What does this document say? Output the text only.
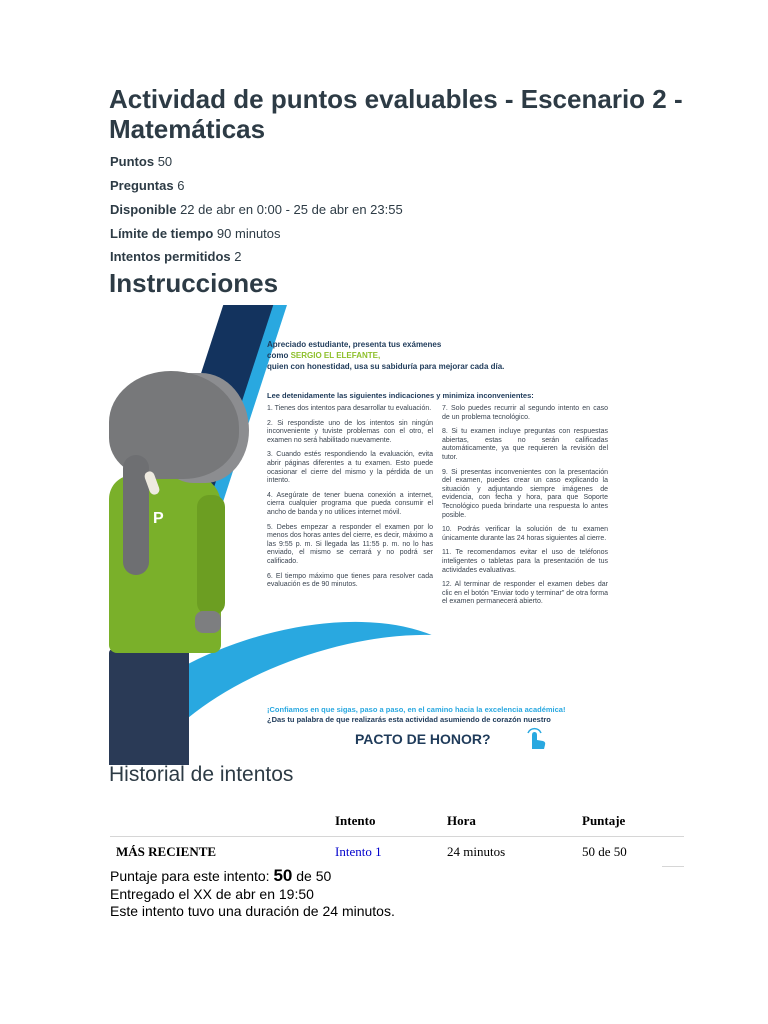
Actividad de puntos evaluables - Escenario 2 - Matemáticas
Puntos 50
Preguntas 6
Disponible 22 de abr en 0:00 - 25 de abr en 23:55
Límite de tiempo 90 minutos
Intentos permitidos 2
Instrucciones
P
Apreciado estudiante, presenta tus exámenes
como SERGIO EL ELEFANTE,
quien con honestidad, usa su sabiduría para mejorar cada día.
Lee detenidamente las siguientes indicaciones y minimiza inconvenientes:

1. Tienes dos intentos para desarrollar tu evaluación.

2. Si respondiste uno de los intentos sin ningún inconveniente y tuviste problemas con el otro, el examen no será habilitado nuevamente.

3. Cuando estés respondiendo la evaluación, evita abrir páginas diferentes a tu examen. Esto puede ocasionar el cierre del mismo y la pérdida de un intento.

4. Asegúrate de tener buena conexión a internet, cierra cualquier programa que pueda consumir el ancho de banda y no utilices internet móvil.

5. Debes empezar a responder el examen por lo menos dos horas antes del cierre, es decir, máximo a las 9:55 p. m. Si llegada las 11:55 p. m. no lo has enviado, el mismo se cerrará y no podrá ser calificado.

6. El tiempo máximo que tienes para resolver cada evaluación es de 90 minutos.

7. Solo puedes recurrir al segundo intento en caso de un problema tecnológico.

8. Si tu examen incluye preguntas con respuestas abiertas, estas no serán calificadas automáticamente, ya que requieren la revisión del tutor.

9. Si presentas inconvenientes con la presentación del examen, puedes crear un caso explicando la situación y adjuntando siempre imágenes de evidencia, con fecha y hora, para que Soporte Tecnológico pueda brindarte una respuesta lo antes posible.

10. Podrás verificar la solución de tu examen únicamente durante las 24 horas siguientes al cierre.

11. Te recomendamos evitar el uso de teléfonos inteligentes o tabletas para la presentación de tus actividades evaluativas.

12. Al terminar de responder el examen debes dar clic en el botón "Enviar todo y terminar" de otra forma el examen permanecerá abierto.

¡Confiamos en que sigas, paso a paso, en el camino hacia la excelencia académica!
¿Das tu palabra de que realizarás esta actividad asumiendo de corazón nuestro
PACTO DE HONOR?
Historial de intentos
	Intento	Hora	Puntaje
MÁS RECIENTE	Intento 1	24 minutos	50 de 50
Puntaje para este intento: 50 de 50
Entregado el XX de abr en 19:50
Este intento tuvo una duración de 24 minutos.
